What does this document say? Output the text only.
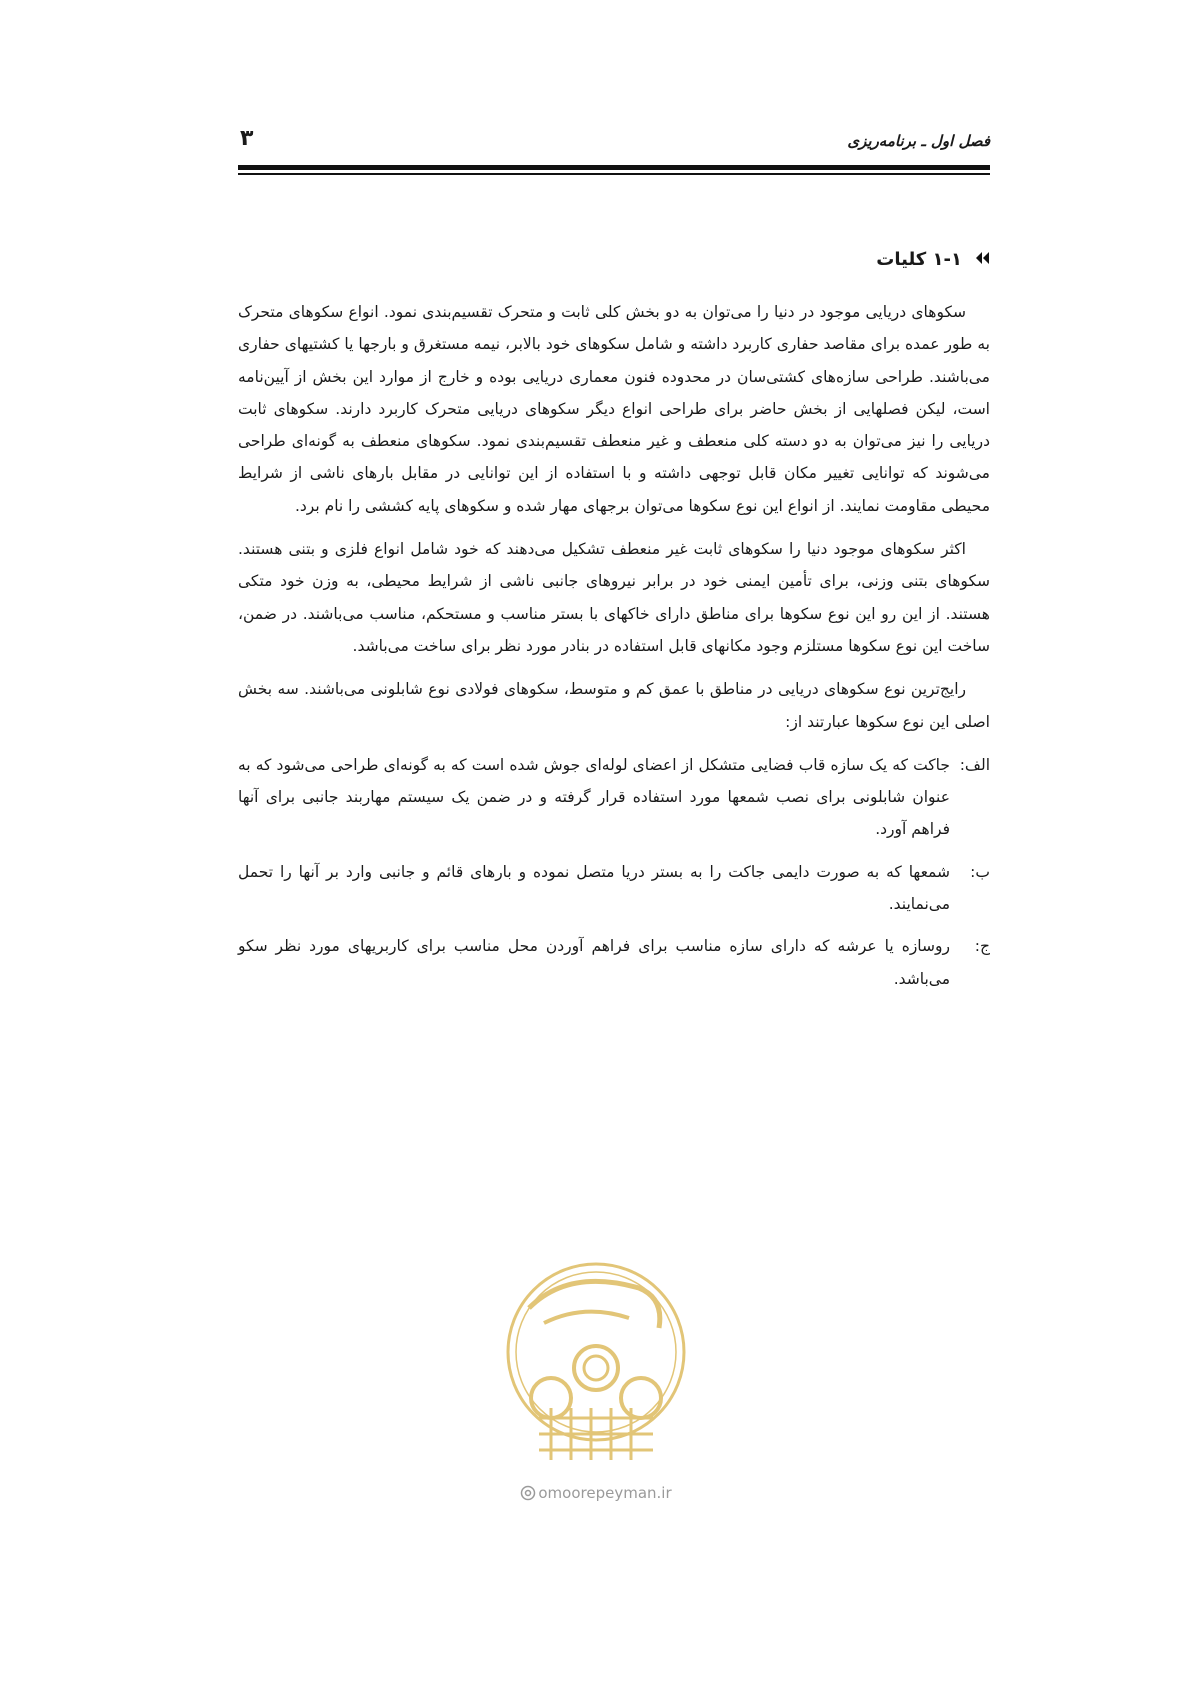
فصل اول ـ برنامه‌ریزی
۳
۱-۱ کلیات

سکوهای دریایی موجود در دنیا را می‌توان به دو بخش کلی ثابت و متحرک تقسیم‌بندی نمود. انواع سکوهای متحرک به طور عمده برای مقاصد حفاری کاربرد داشته و شامل سکوهای خود بالابر، نیمه مستغرق و بارجها یا کشتیهای حفاری می‌باشند. طراحی سازه‌های کشتی‌سان در محدوده فنون معماری دریایی بوده و خارج از موارد این بخش از آیین‌نامه است، لیکن فصلهایی از بخش حاضر برای طراحی انواع دیگر سکوهای دریایی متحرک کاربرد دارند. سکوهای ثابت دریایی را نیز می‌توان به دو دسته کلی منعطف و غیر منعطف تقسیم‌بندی نمود. سکوهای منعطف به گونه‌ای طراحی می‌شوند که توانایی تغییر مکان قابل توجهی داشته و با استفاده از این توانایی در مقابل بارهای ناشی از شرایط محیطی مقاومت نمایند. از انواع این نوع سکوها می‌توان برجهای مهار شده و سکوهای پایه کششی را نام برد.

اکثر سکوهای موجود دنیا را سکوهای ثابت غیر منعطف تشکیل می‌دهند که خود شامل انواع فلزی و بتنی هستند. سکوهای بتنی وزنی، برای تأمین ایمنی خود در برابر نیروهای جانبی ناشی از شرایط محیطی، به وزن خود متکی هستند. از این رو این نوع سکوها برای مناطق دارای خاکهای با بستر مناسب و مستحکم، مناسب می‌باشند. در ضمن، ساخت این نوع سکوها مستلزم وجود مکانهای قابل استفاده در بنادر مورد نظر برای ساخت می‌باشد.

رایج‌ترین نوع سکوهای دریایی در مناطق با عمق کم و متوسط، سکوهای فولادی نوع شابلونی می‌باشند. سه بخش اصلی این نوع سکوها عبارتند از:

الف:
جاکت که یک سازه قاب فضایی متشکل از اعضای لوله‌ای جوش شده است که به گونه‌ای طراحی می‌شود که به عنوان شابلونی برای نصب شمعها مورد استفاده قرار گرفته و در ضمن یک سیستم مهاربند جانبی برای آنها فراهم آورد.
ب:
شمعها که به صورت دایمی جاکت را به بستر دریا متصل نموده و بارهای قائم و جانبی وارد بر آنها را تحمل می‌نمایند.
ج:
روسازه یا عرشه که دارای سازه مناسب برای فراهم آوردن محل مناسب برای کاربریهای مورد نظر سکو می‌باشد.
omoorepeyman.ir
